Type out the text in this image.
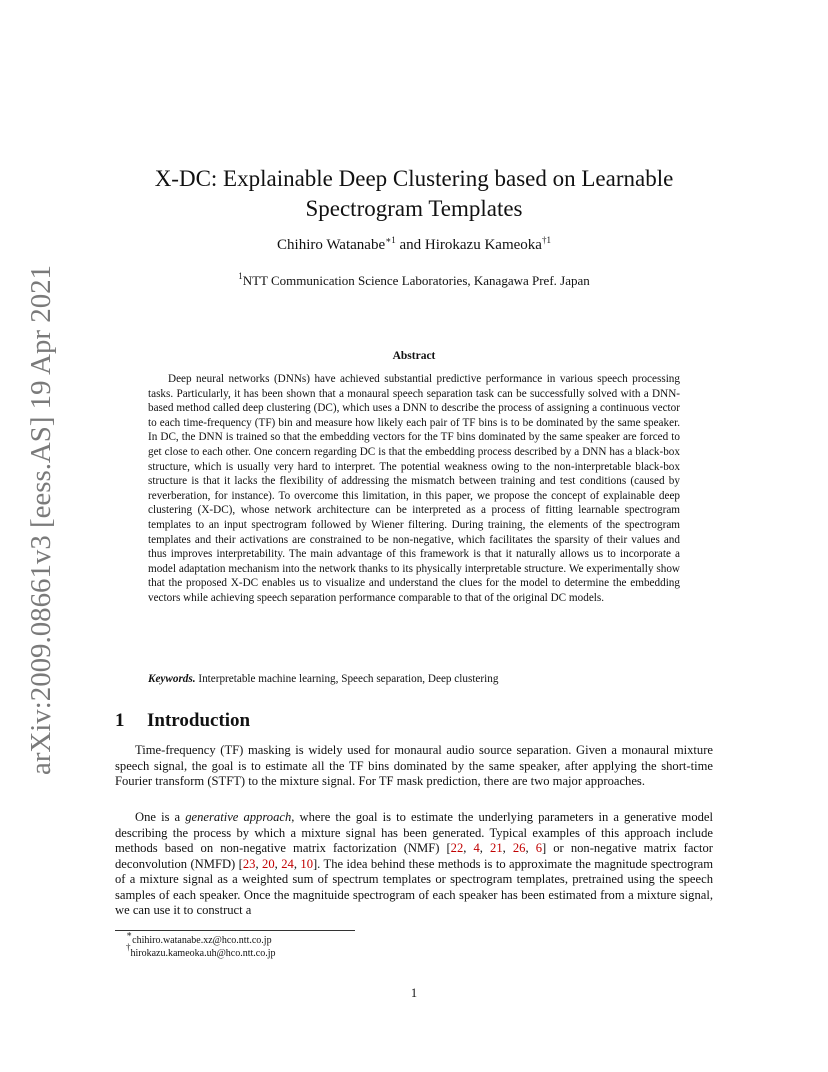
arXiv:2009.08661v3 [eess.AS] 19 Apr 2021
X-DC: Explainable Deep Clustering based on Learnable
Spectrogram Templates
Chihiro Watanabe$^{∗1}$ and Hirokazu Kameoka$^{\dagger 1}$
$^1$NTT Communication Science Laboratories, Kanagawa Pref. Japan
Abstract

Deep neural networks (DNNs) have achieved substantial predictive performance in various speech processing tasks. Particularly, it has been shown that a monaural speech separation task can be successfully solved with a DNN-based method called deep clustering (DC), which uses a DNN to describe the process of assigning a continuous vector to each time-frequency (TF) bin and measure how likely each pair of TF bins is to be dominated by the same speaker. In DC, the DNN is trained so that the embedding vectors for the TF bins dominated by the same speaker are forced to get close to each other. One concern regarding DC is that the embedding process described by a DNN has a black-box structure, which is usually very hard to interpret. The potential weakness owing to the non-interpretable black-box structure is that it lacks the flexibility of addressing the mismatch between training and test conditions (caused by reverberation, for instance). To overcome this limitation, in this paper, we propose the concept of explainable deep clustering (X-DC), whose network architecture can be interpreted as a process of fitting learnable spectrogram templates to an input spectrogram followed by Wiener filtering. During training, the elements of the spectrogram templates and their activations are constrained to be non-negative, which facilitates the sparsity of their values and thus improves interpretability. The main advantage of this framework is that it naturally allows us to incorporate a model adaptation mechanism into the network thanks to its physically interpretable structure. We experimentally show that the proposed X-DC enables us to visualize and understand the clues for the model to determine the embedding vectors while achieving speech separation performance comparable to that of the original DC models.

Keywords. Interpretable machine learning, Speech separation, Deep clustering

1 Introduction

Time-frequency (TF) masking is widely used for monaural audio source separation. Given a monaural mixture speech signal, the goal is to estimate all the TF bins dominated by the same speaker, after applying the short-time Fourier transform (STFT) to the mixture signal. For TF mask prediction, there are two major approaches.

One is a generative approach, where the goal is to estimate the underlying parameters in a generative model describing the process by which a mixture signal has been generated. Typical examples of this approach include methods based on non-negative matrix factorization (NMF) [22, 4, 21, 26, 6] or non-negative matrix factor deconvolution (NMFD) [23, 20, 24, 10]. The idea behind these methods is to approximate the magnitude spectrogram of a mixture signal as a weighted sum of spectrum templates or spectrogram templates, pretrained using the speech samples of each speaker. Once the magnituide spectrogram of each speaker has been estimated from a mixture signal, we can use it to construct a

∗chihiro.watanabe.xz@hco.ntt.co.jp
†hirokazu.kameoka.uh@hco.ntt.co.jp
1
